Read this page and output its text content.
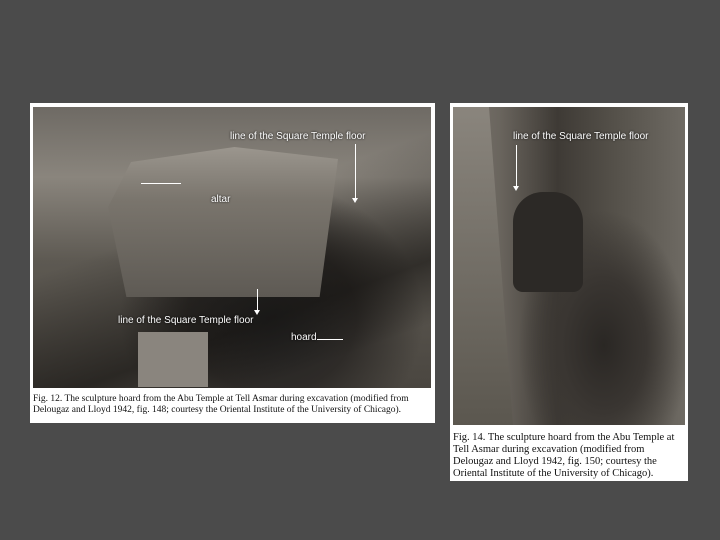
line of the Square Temple floor
altar
line of the Square Temple floor
hoard
Fig. 12. The sculpture hoard from the Abu Temple at Tell Asmar during excavation (modified from Delougaz and Lloyd 1942, fig. 148; courtesy the Oriental Institute of the University of Chicago).
line of the Square Temple floor
Fig. 14. The sculpture hoard from the Abu Temple at Tell Asmar during excavation (modified from Delougaz and Lloyd 1942, fig. 150; courtesy the Oriental Institute of the University of Chicago).
